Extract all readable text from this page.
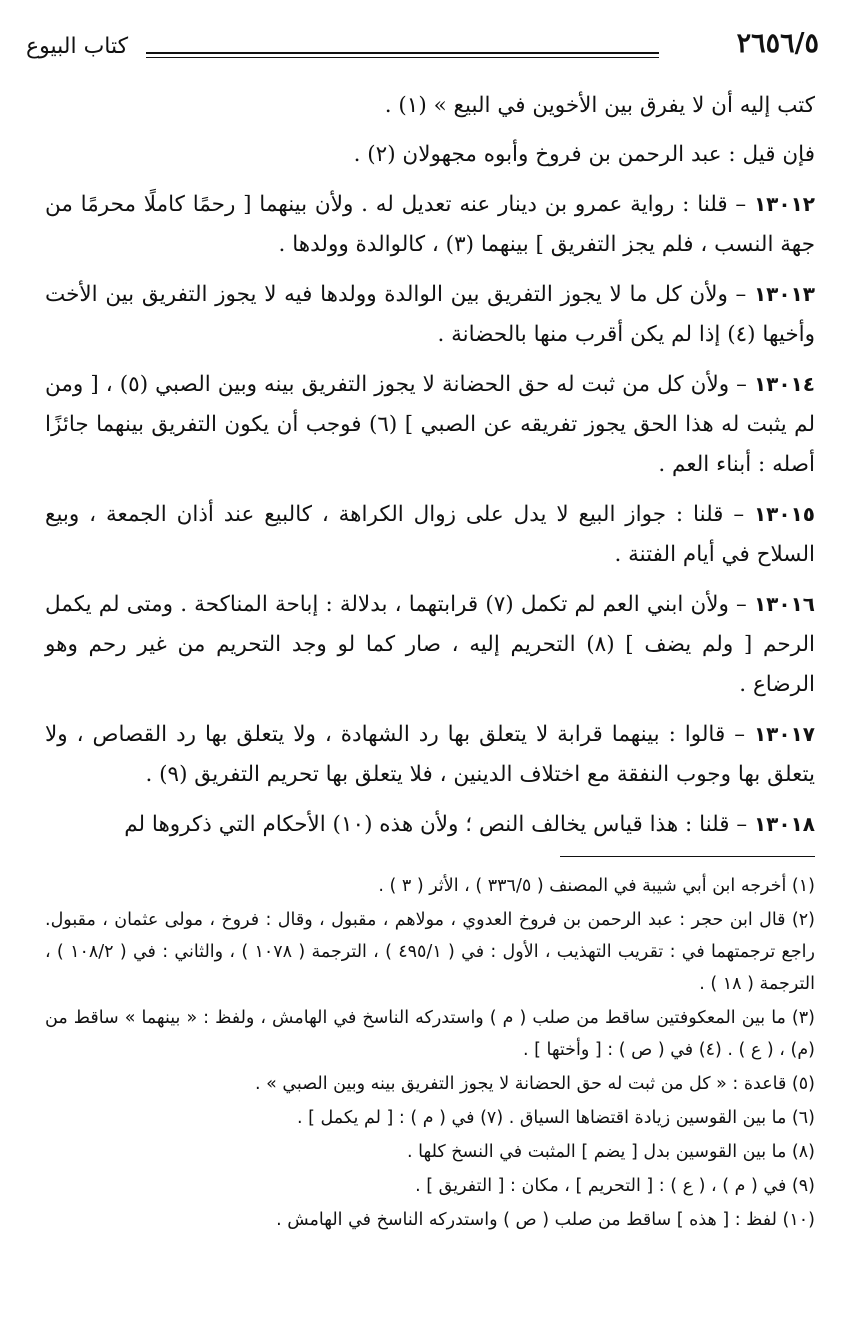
٢٦٥٦/٥
كتاب البيوع

كتب إليه أن لا يفرق بين الأخوين في البيع » (١) .

فإن قيل : عبد الرحمن بن فروخ وأبوه مجهولان (٢) .

١٣٠١٢ – قلنا : رواية عمرو بن دينار عنه تعديل له . ولأن بينهما [ رحمًا كاملًا محرمًا من جهة النسب ، فلم يجز التفريق ] بينهما (٣) ، كالوالدة وولدها .

١٣٠١٣ – ولأن كل ما لا يجوز التفريق بين الوالدة وولدها فيه لا يجوز التفريق بين الأخت وأخيها (٤) إذا لم يكن أقرب منها بالحضانة .

١٣٠١٤ – ولأن كل من ثبت له حق الحضانة لا يجوز التفريق بينه وبين الصبي (٥) ، [ ومن لم يثبت له هذا الحق يجوز تفريقه عن الصبي ] (٦) فوجب أن يكون التفريق بينهما جائزًا أصله : أبناء العم .

١٣٠١٥ – قلنا : جواز البيع لا يدل على زوال الكراهة ، كالبيع عند أذان الجمعة ، وبيع السلاح في أيام الفتنة .

١٣٠١٦ – ولأن ابني العم لم تكمل (٧) قرابتهما ، بدلالة : إباحة المناكحة . ومتى لم يكمل الرحم [ ولم يضف ] (٨) التحريم إليه ، صار كما لو وجد التحريم من غير رحم وهو الرضاع .

١٣٠١٧ – قالوا : بينهما قرابة لا يتعلق بها رد الشهادة ، ولا يتعلق بها رد القصاص ، ولا يتعلق بها وجوب النفقة مع اختلاف الدينين ، فلا يتعلق بها تحريم التفريق (٩) .

١٣٠١٨ – قلنا : هذا قياس يخالف النص ؛ ولأن هذه (١٠) الأحكام التي ذكروها لم

(١) أخرجه ابن أبي شيبة في المصنف ( ٣٣٦/٥ ) ، الأثر ( ٣ ) .

(٢) قال ابن حجر : عبد الرحمن بن فروخ العدوي ، مولاهم ، مقبول ، وقال : فروخ ، مولى عثمان ، مقبول. راجع ترجمتهما في : تقريب التهذيب ، الأول : في ( ٤٩٥/١ ) ، الترجمة ( ١٠٧٨ ) ، والثاني : في ( ١٠٨/٢ ) ، الترجمة ( ١٨ ) .

(٣) ما بين المعكوفتين ساقط من صلب ( م ) واستدركه الناسخ في الهامش ، ولفظ : « بينهما » ساقط من (م) ، ( ع ) . (٤) في ( ص ) : [ وأختها ] .

(٥) قاعدة : « كل من ثبت له حق الحضانة لا يجوز التفريق بينه وبين الصبي » .

(٦) ما بين القوسين زيادة اقتضاها السياق . (٧) في ( م ) : [ لم يكمل ] .

(٨) ما بين القوسين بدل [ يضم ] المثبت في النسخ كلها .

(٩) في ( م ) ، ( ع ) : [ التحريم ] ، مكان : [ التفريق ] .

(١٠) لفظ : [ هذه ] ساقط من صلب ( ص ) واستدركه الناسخ في الهامش .
